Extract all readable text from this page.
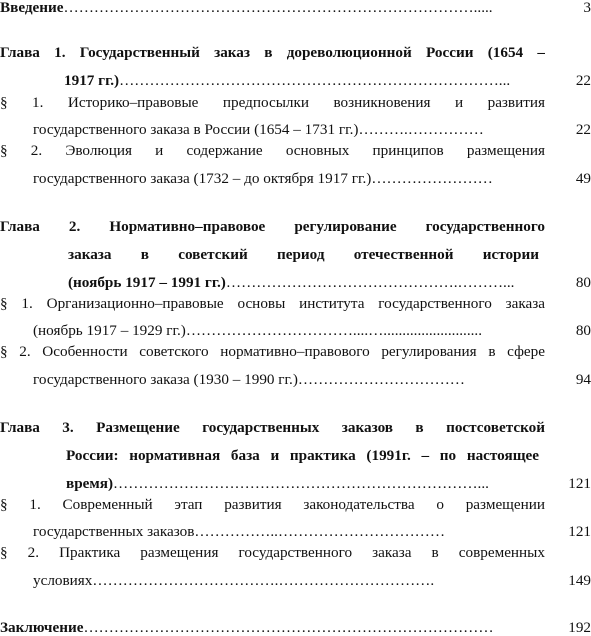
Введение……………………………………………………………………….....	3
Глава 1. Государственный заказ в дореволюционной России (1654 –
1917 гг.)…………………………………………………………………...	22
§ 1. Историко–правовые предпосылки возникновения и развития
государственного заказа в России (1654 – 1731 гг.)……….……………	22
§ 2. Эволюция и содержание основных принципов размещения
государственного заказа (1732 – до октября 1917 гг.)……………………	49
Глава 2. Нормативно–правовое регулирование государственного
заказа в советский период отечественной истории
(ноябрь 1917 – 1991 гг.)……………………………………….………...	80
§ 1. Организационно–правовые основы института государственного заказа
(ноябрь 1917 – 1929 гг.)……………………………....…..........................	80
§ 2. Особенности советского нормативно–правового регулирования в сфере
государственного заказа (1930 – 1990 гг.)……………………………	94
Глава 3. Размещение государственных заказов в постсоветской
России: нормативная база и практика (1991г. – по настоящее
время)………………………………………………………………...	121
§ 1. Современный этап развития законодательства о размещении
государственных заказов……………..……………………………	121
§ 2. Практика размещения государственного заказа в современных
условиях……………………………….………………………….	149
Заключение………………………………………………………………………	192
